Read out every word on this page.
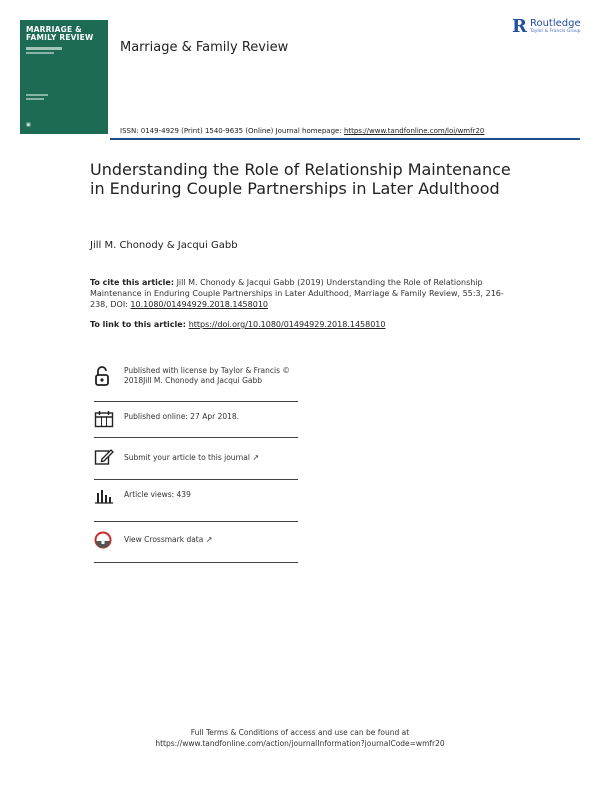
MARRIAGE &
FAMILY REVIEW
▣
Marriage & Family Review
R Routledge
Taylor & Francis Group
ISSN: 0149-4929 (Print) 1540-9635 (Online) Journal homepage: https://www.tandfonline.com/loi/wmfr20
Understanding the Role of Relationship Maintenance in Enduring Couple Partnerships in Later Adulthood
Jill M. Chonody & Jacqui Gabb
To cite this article: Jill M. Chonody & Jacqui Gabb (2019) Understanding the Role of Relationship Maintenance in Enduring Couple Partnerships in Later Adulthood, Marriage & Family Review, 55:3, 216-238, DOI: 10.1080/01494929.2018.1458010
To link to this article: https://doi.org/10.1080/01494929.2018.1458010
Published with license by Taylor & Francis © 2018Jill M. Chonody and Jacqui Gabb
Published online: 27 Apr 2018.
Submit your article to this journal ↗
Article views: 439
View Crossmark data ↗
Full Terms & Conditions of access and use can be found at
https://www.tandfonline.com/action/journalInformation?journalCode=wmfr20
